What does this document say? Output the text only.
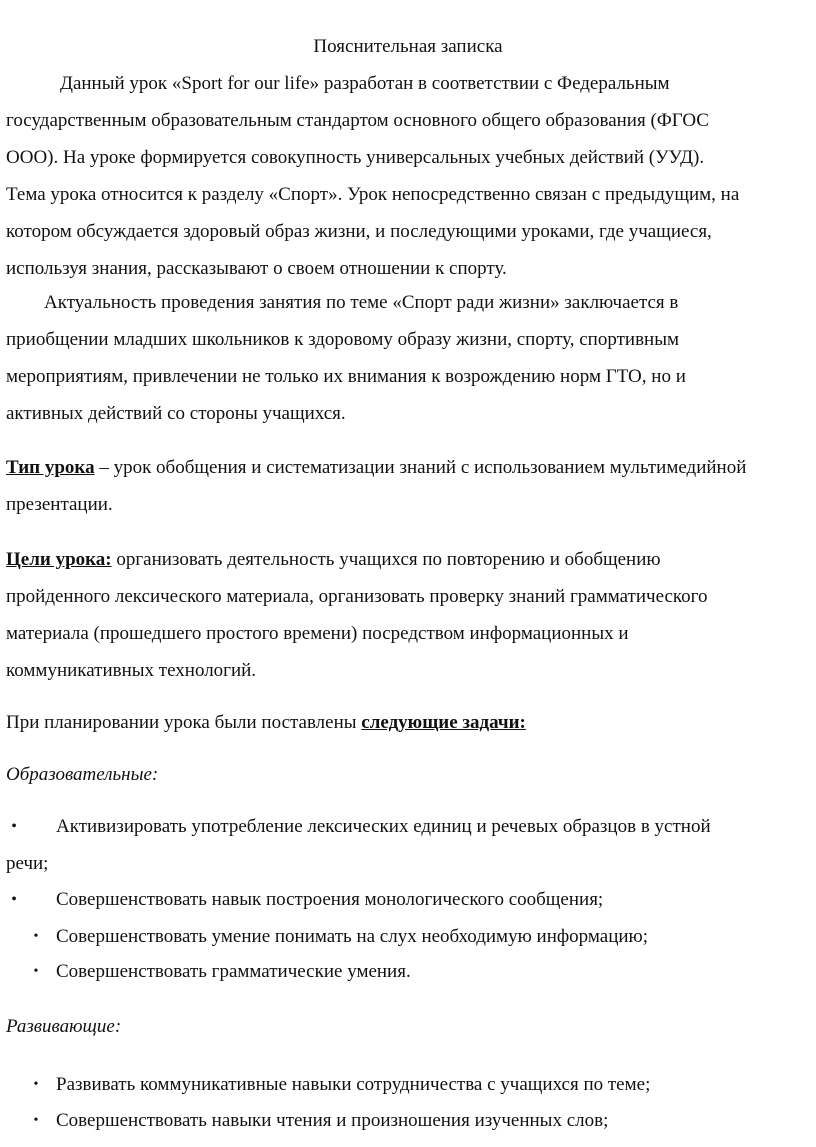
Пояснительная записка
Данный урок «Sport for our life» разработан в соответствии с Федеральным
государственным образовательным стандартом основного общего образования (ФГОС
ООО). На уроке формируется совокупность универсальных учебных действий (УУД).
Тема урока относится к разделу «Спорт». Урок непосредственно связан с предыдущим, на
котором обсуждается здоровый образ жизни, и последующими уроками, где учащиеся,
используя знания, рассказывают о своем отношении к спорту.
Актуальность проведения занятия по теме «Спорт ради жизни» заключается в
приобщении младших школьников к здоровому образу жизни, спорту, спортивным
мероприятиям, привлечении не только их внимания к возрождению норм ГТО, но и
активных действий со стороны учащихся.
Тип урока – урок обобщения и систематизации знаний с использованием мультимедийной
презентации.
Цели урока: организовать деятельность учащихся по повторению и обобщению
пройденного лексического материала, организовать проверку знаний грамматического
материала (прошедшего простого времени) посредством информационных и
коммуникативных технологий.
При планировании урока были поставлены следующие задачи:
Образовательные:
• Активизировать употребление лексических единиц и речевых образцов в устной
речи;
• Совершенствовать навык построения монологического сообщения;
• Совершенствовать умение понимать на слух необходимую информацию;
• Совершенствовать грамматические умения.
Развивающие:
• Развивать коммуникативные навыки сотрудничества с учащихся по теме;
• Совершенствовать навыки чтения и произношения изученных слов;
